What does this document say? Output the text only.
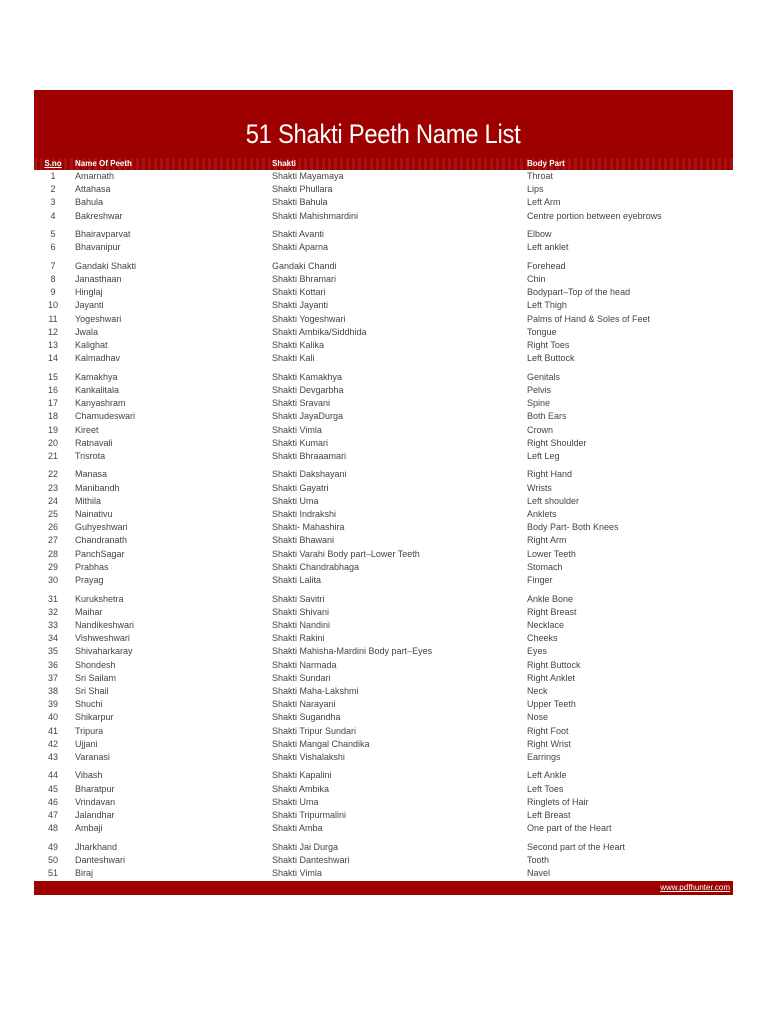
51 Shakti Peeth Name List
S.no	Name Of Peeth	Shakti	Body Part
1	Amarnath	Shakti Mayamaya	Throat
2	Attahasa	Shakti Phullara	Lips
3	Bahula	Shakti Bahula	Left Arm
4	Bakreshwar	Shakti Mahishmardini	Centre portion between eyebrows
5	Bhairavparvat	Shakti Avanti	Elbow
6	Bhavanipur	Shakti Aparna	Left anklet
7	Gandaki Shakti	Gandaki Chandi	Forehead
8	Janasthaan	Shakti Bhramari	Chin
9	Hinglaj	Shakti Kottari	Bodypart–Top of the head
10	Jayanti	Shakti Jayanti	Left Thigh
11	Yogeshwari	Shakti Yogeshwari	Palms of Hand & Soles of Feet
12	Jwala	Shakti Ambika/Siddhida	Tongue
13	Kalighat	Shakti Kalika	Right Toes
14	Kalmadhav	Shakti Kali	Left Buttock
15	Kamakhya	Shakti Kamakhya	Genitals
16	Kankalitala	Shakti Devgarbha	Pelvis
17	Kanyashram	Shakti Sravani	Spine
18	Chamudeswari	Shakti JayaDurga	Both Ears
19	Kireet	Shakti Vimla	Crown
20	Ratnavali	Shakti Kumari	Right Shoulder
21	Trisrota	Shakti Bhraaamari	Left Leg
22	Manasa	Shakti Dakshayani	Right Hand
23	Manibandh	Shakti Gayatri	Wrists
24	Mithila	Shakti Uma	Left shoulder
25	Nainativu	Shakti Indrakshi	Anklets
26	Guhyeshwari	Shakti- Mahashira	Body Part- Both Knees
27	Chandranath	Shakti Bhawani	Right Arm
28	PanchSagar	Shakti Varahi Body part–Lower Teeth	Lower Teeth
29	Prabhas	Shakti Chandrabhaga	Stomach
30	Prayag	Shakti Lalita	Finger
31	Kurukshetra	Shakti Savitri	Ankle Bone
32	Maihar	Shakti Shivani	Right Breast
33	Nandikeshwari	Shakti Nandini	Necklace
34	Vishweshwari	Shakti Rakini	Cheeks
35	Shivaharkaray	Shakti Mahisha-Mardini Body part–Eyes	Eyes
36	Shondesh	Shakti Narmada	Right Buttock
37	Sri Sailam	Shakti Sundari	Right Anklet
38	Sri Shail	Shakti Maha-Lakshmi	Neck
39	Shuchi	Shakti Narayani	Upper Teeth
40	Shikarpur	Shakti Sugandha	Nose
41	Tripura	Shakti Tripur Sundari	Right Foot
42	Ujjani	Shakti Mangal Chandika	Right Wrist
43	Varanasi	Shakti Vishalakshi	Earrings
44	Vibash	Shakti Kapalini	Left Ankle
45	Bharatpur	Shakti Ambika	Left Toes
46	Vrindavan	Shakti Uma	Ringlets of Hair
47	Jalandhar	Shakti Tripurmalini	Left Breast
48	Ambaji	Shakti Amba	One part of the Heart
49	Jharkhand	Shakti Jai Durga	Second part of the Heart
50	Danteshwari	Shakti Danteshwari	Tooth
51	Biraj	Shakti Vimla	Navel
www.pdfhunter.com
